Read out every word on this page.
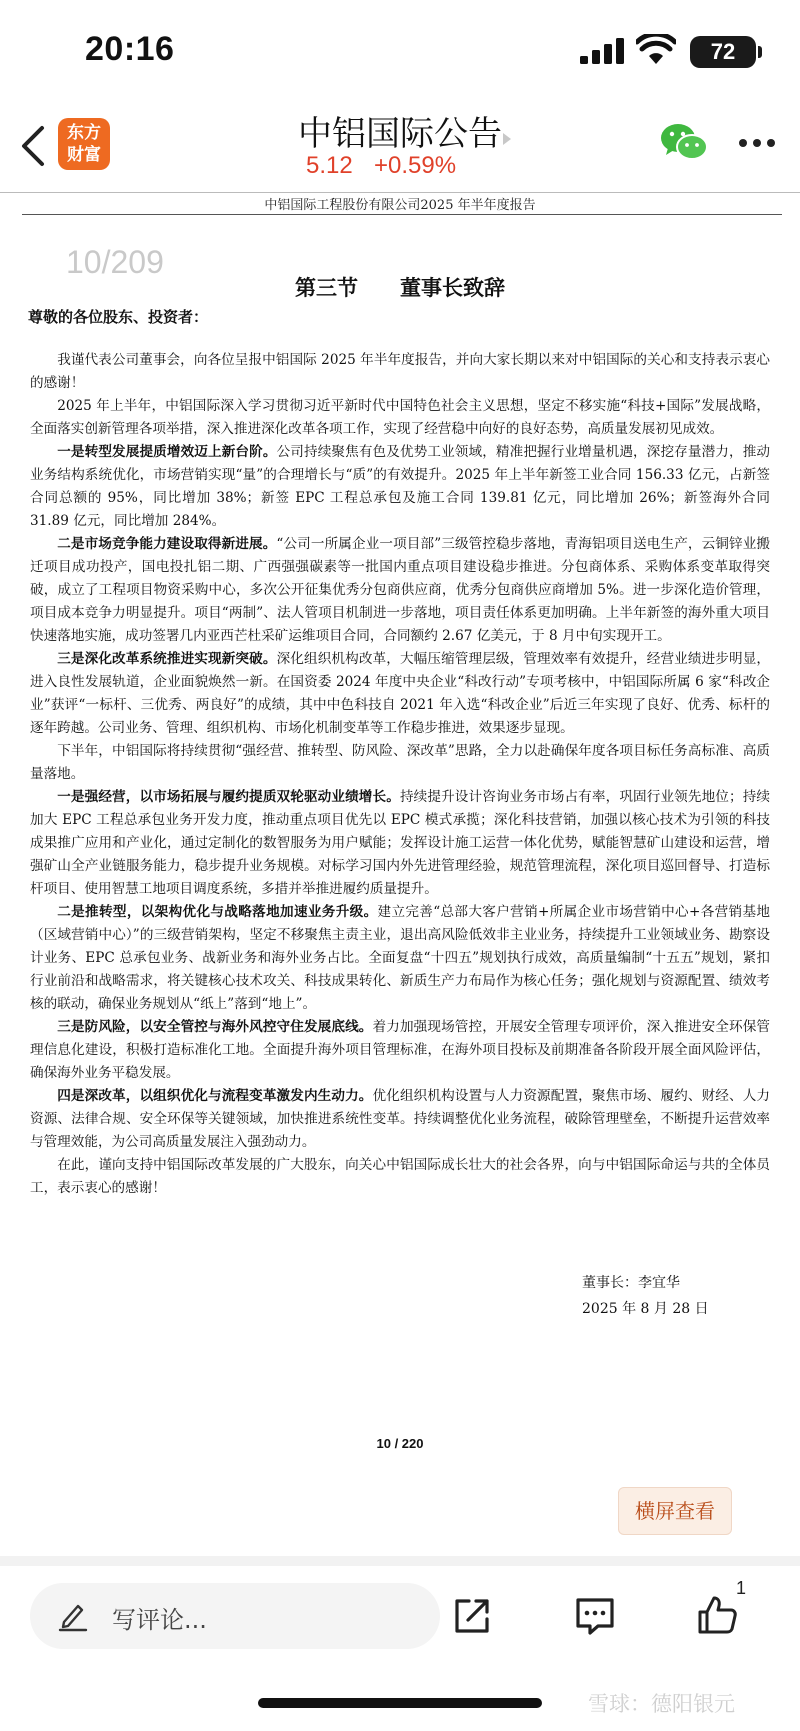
20:16	72
东方
财富
中铝国际公告
5.12 +0.59%
中铝国际工程股份有限公司2025 年半年度报告
10/209
第三节　　董事长致辞
尊敬的各位股东、投资者：

我谨代表公司董事会，向各位呈报中铝国际 2025 年半年度报告，并向大家长期以来对中铝国际的关心和支持表示衷心的感谢！

2025 年上半年，中铝国际深入学习贯彻习近平新时代中国特色社会主义思想，坚定不移实施“科技+国际”发展战略，全面落实创新管理各项举措，深入推进深化改革各项工作，实现了经营稳中向好的良好态势，高质量发展初见成效。

一是转型发展提质增效迈上新台阶。公司持续聚焦有色及优势工业领域，精准把握行业增量机遇，深挖存量潜力，推动业务结构系统优化，市场营销实现“量”的合理增长与“质”的有效提升。2025 年上半年新签工业合同 156.33 亿元，占新签合同总额的 95%，同比增加 38%；新签 EPC 工程总承包及施工合同 139.81 亿元，同比增加 26%；新签海外合同 31.89 亿元，同比增加 284%。

二是市场竞争能力建设取得新进展。“公司一所属企业一项目部”三级管控稳步落地，青海铝项目送电生产，云铜锌业搬迁项目成功投产，国电投扎铝二期、广西强强碳素等一批国内重点项目建设稳步推进。分包商体系、采购体系变革取得突破，成立了工程项目物资采购中心，多次公开征集优秀分包商供应商，优秀分包商供应商增加 5%。进一步深化造价管理，项目成本竞争力明显提升。项目“两制”、法人管项目机制进一步落地，项目责任体系更加明确。上半年新签的海外重大项目快速落地实施，成功签署几内亚西芒杜采矿运维项目合同，合同额约 2.67 亿美元，于 8 月中旬实现开工。

三是深化改革系统推进实现新突破。深化组织机构改革，大幅压缩管理层级，管理效率有效提升，经营业绩进步明显，进入良性发展轨道，企业面貌焕然一新。在国资委 2024 年度中央企业“科改行动”专项考核中，中铝国际所属 6 家“科改企业”获评“一标杆、三优秀、两良好”的成绩，其中中色科技自 2021 年入选“科改企业”后近三年实现了良好、优秀、标杆的逐年跨越。公司业务、管理、组织机构、市场化机制变革等工作稳步推进，效果逐步显现。

下半年，中铝国际将持续贯彻“强经营、推转型、防风险、深改革”思路，全力以赴确保年度各项目标任务高标准、高质量落地。

一是强经营，以市场拓展与履约提质双轮驱动业绩增长。持续提升设计咨询业务市场占有率，巩固行业领先地位；持续加大 EPC 工程总承包业务开发力度，推动重点项目优先以 EPC 模式承揽；深化科技营销，加强以核心技术为引领的科技成果推广应用和产业化，通过定制化的数智服务为用户赋能；发挥设计施工运营一体化优势，赋能智慧矿山建设和运营，增强矿山全产业链服务能力，稳步提升业务规模。对标学习国内外先进管理经验，规范管理流程，深化项目巡回督导、打造标杆项目、使用智慧工地项目调度系统，多措并举推进履约质量提升。

二是推转型，以架构优化与战略落地加速业务升级。建立完善“总部大客户营销+所属企业市场营销中心+各营销基地（区域营销中心）”的三级营销架构，坚定不移聚焦主责主业，退出高风险低效非主业业务，持续提升工业领域业务、勘察设计业务、EPC 总承包业务、战新业务和海外业务占比。全面复盘“十四五”规划执行成效，高质量编制“十五五”规划，紧扣行业前沿和战略需求，将关键核心技术攻关、科技成果转化、新质生产力布局作为核心任务；强化规划与资源配置、绩效考核的联动，确保业务规划从“纸上”落到“地上”。

三是防风险，以安全管控与海外风控守住发展底线。着力加强现场管控，开展安全管理专项评价，深入推进安全环保管理信息化建设，积极打造标准化工地。全面提升海外项目管理标准，在海外项目投标及前期准备各阶段开展全面风险评估，确保海外业务平稳发展。

四是深改革，以组织优化与流程变革激发内生动力。优化组织机构设置与人力资源配置，聚焦市场、履约、财经、人力资源、法律合规、安全环保等关键领域，加快推进系统性变革。持续调整优化业务流程，破除管理壁垒，不断提升运营效率与管理效能，为公司高质量发展注入强劲动力。

在此，谨向支持中铝国际改革发展的广大股东，向关心中铝国际成长壮大的社会各界，向与中铝国际命运与共的全体员工，表示衷心的感谢！

董事长：李宜华
2025 年 8 月 28 日
10 / 220
横屏查看
写评论...
1
雪球：德阳银元
